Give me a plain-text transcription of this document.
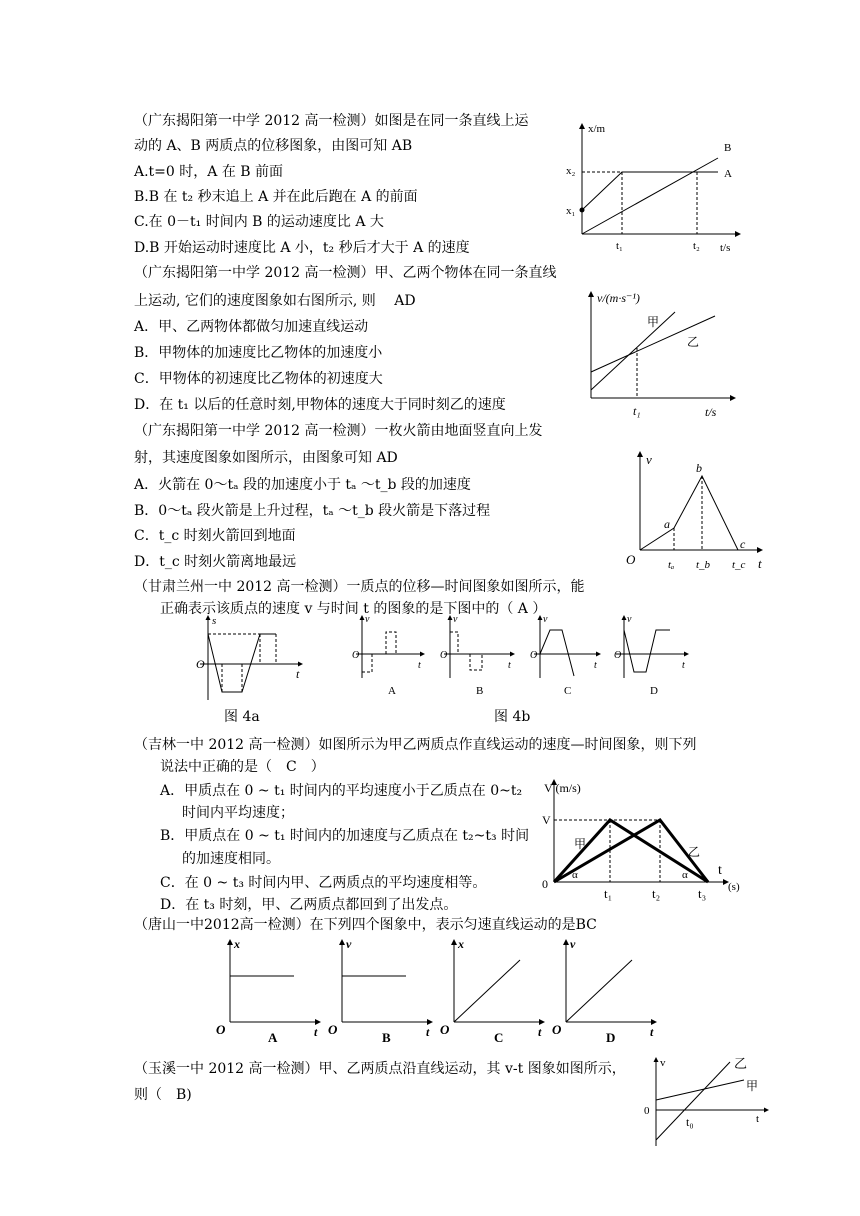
（广东揭阳第一中学 2012 高一检测）如图是在同一条直线上运
动的 A、B 两质点的位移图象，由图可知 AB
A.t=0 时，A 在 B 前面
B.B 在 t₂ 秒末追上 A 并在此后跑在 A 的前面
C.在 0－t₁ 时间内 B 的运动速度比 A 大
D.B 开始运动时速度比 A 小，t₂ 秒后才大于 A 的速度
x/m
t/s
x₂
x₁
t₁	t₂
A
B
（广东揭阳第一中学 2012 高一检测）甲、乙两个物体在同一条直线
上运动, 它们的速度图象如右图所示, 则　 AD
A．甲、乙两物体都做匀加速直线运动
B．甲物体的加速度比乙物体的加速度小
C．甲物体的初速度比乙物体的初速度大
D．在 t₁ 以后的任意时刻,甲物体的速度大于同时刻乙的速度
v/(m·s⁻¹)
t/s
甲
乙
t₁
（广东揭阳第一中学 2012 高一检测）一枚火箭由地面竖直向上发
射，其速度图象如图所示，由图象可知 AD
A．火箭在 0～tₐ 段的加速度小于 tₐ ～t_b 段的加速度
B．0～tₐ 段火箭是上升过程，tₐ ～t_b 段火箭是下落过程
C．t_c 时刻火箭回到地面
D．t_c 时刻火箭离地最远
v
t
O
a
b
c
tₐ t_b t_c
（甘肃兰州一中 2012 高一检测）一质点的位移—时间图象如图所示，能
正确表示该质点的速度 v 与时间 t 的图象的是下图中的（ A ）
s
t
O
图 4a
v
t
O
A
v
t
O
B
v
t
O
C
v
t
O
D
图 4b
（吉林一中 2012 高一检测）如图所示为甲乙两质点作直线运动的速度—时间图象，则下列
说法中正确的是（　C　）
A．甲质点在 0 ~ t₁ 时间内的平均速度小于乙质点在 0~t₂
时间内平均速度；
B．甲质点在 0 ~ t₁ 时间内的加速度与乙质点在 t₂~t₃ 时间
的加速度相同。
C．在 0 ~ t₃ 时间内甲、乙两质点的平均速度相等。
D．在 t₃ 时刻，甲、乙两质点都回到了出发点。
V (m/s)
V
0
甲
乙
α	α t
(s)
t₁	t₂	t₃
（唐山一中2012高一检测）在下列四个图象中，表示匀速直线运动的是BC
x
t
O
A
v
t
O
B
x
t
O
C
v
t
O
D
（玉溪一中 2012 高一检测）甲、乙两质点沿直线运动，其 v-t 图象如图所示，
则（　B)
v
t
0
乙
甲
t₀
